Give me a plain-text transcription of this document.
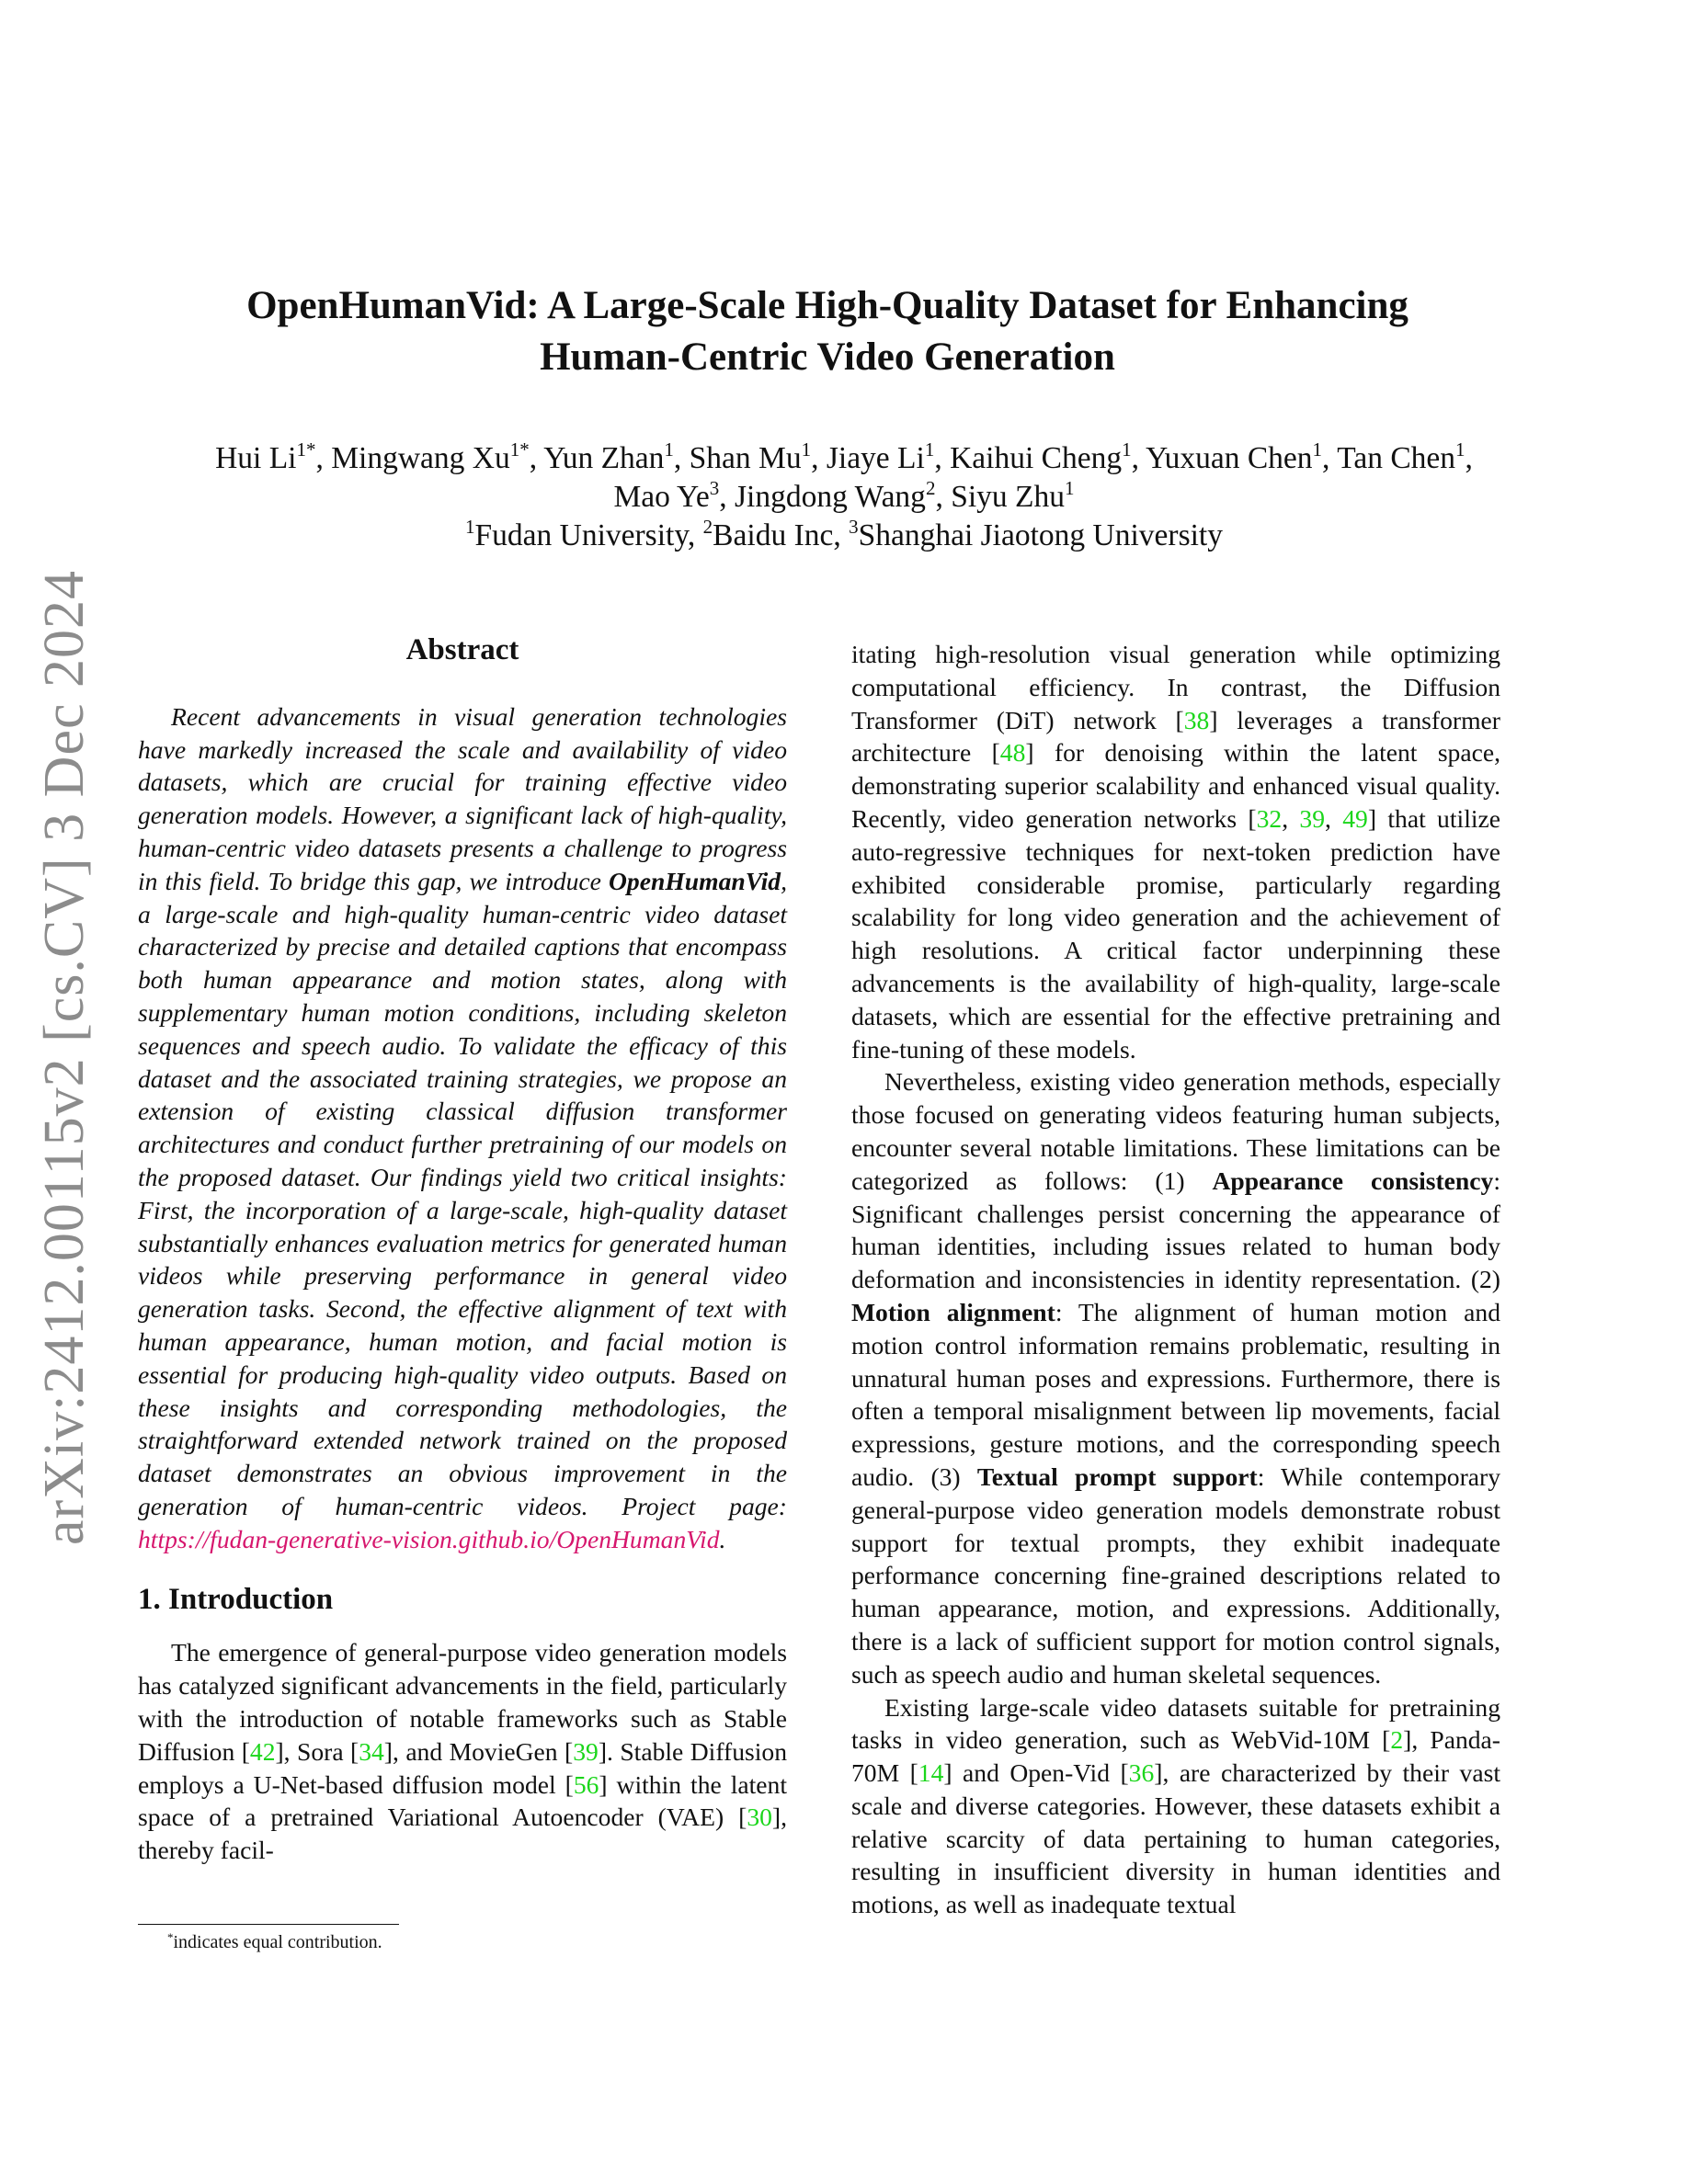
arXiv:2412.00115v2 [cs.CV] 3 Dec 2024
OpenHumanVid: A Large-Scale High-Quality Dataset for Enhancing
Human-Centric Video Generation
Hui $Li^{1*}$, Mingwang $Xu^{1*}$, Yun Zhan$^1$, Shan Mu$^1$, Jiaye Li$^1$, Kaihui Cheng$^1$, Yuxuan Chen$^1$, Tan Chen$^1$,
Mao Ye$^3$, Jingdong Wang$^2$, Siyu Zhu$^1$
$^1$Fudan University, $^2$Baidu Inc, $^3$Shanghai Jiaotong University
Abstract

Recent advancements in visual generation technologies have markedly increased the scale and availability of video datasets, which are crucial for training effective video generation models. However, a significant lack of high-quality, human-centric video datasets presents a challenge to progress in this field. To bridge this gap, we introduce OpenHumanVid, a large-scale and high-quality human-centric video dataset characterized by precise and detailed captions that encompass both human appearance and motion states, along with supplementary human motion conditions, including skeleton sequences and speech audio. To validate the efficacy of this dataset and the associated training strategies, we propose an extension of existing classical diffusion transformer architectures and conduct further pretraining of our models on the proposed dataset. Our findings yield two critical insights: First, the incorporation of a large-scale, high-quality dataset substantially enhances evaluation metrics for generated human videos while preserving performance in general video generation tasks. Second, the effective alignment of text with human appearance, human motion, and facial motion is essential for producing high-quality video outputs. Based on these insights and corresponding methodologies, the straightforward extended network trained on the proposed dataset demonstrates an obvious improvement in the generation of human-centric videos. Project page: https://fudan-generative-vision.github.io/OpenHumanVid.

1. Introduction

The emergence of general-purpose video generation models has catalyzed significant advancements in the field, particularly with the introduction of notable frameworks such as Stable Diffusion [42], Sora [34], and MovieGen [39]. Stable Diffusion employs a U-Net-based diffusion model [56] within the latent space of a pretrained Variational Autoencoder (VAE) [30], thereby facil-

itating high-resolution visual generation while optimizing computational efficiency. In contrast, the Diffusion Transformer (DiT) network [38] leverages a transformer architecture [48] for denoising within the latent space, demonstrating superior scalability and enhanced visual quality. Recently, video generation networks [32, 39, 49] that utilize auto-regressive techniques for next-token prediction have exhibited considerable promise, particularly regarding scalability for long video generation and the achievement of high resolutions. A critical factor underpinning these advancements is the availability of high-quality, large-scale datasets, which are essential for the effective pretraining and fine-tuning of these models.

Nevertheless, existing video generation methods, especially those focused on generating videos featuring human subjects, encounter several notable limitations. These limitations can be categorized as follows: (1) Appearance consistency: Significant challenges persist concerning the appearance of human identities, including issues related to human body deformation and inconsistencies in identity representation. (2) Motion alignment: The alignment of human motion and motion control information remains problematic, resulting in unnatural human poses and expressions. Furthermore, there is often a temporal misalignment between lip movements, facial expressions, gesture motions, and the corresponding speech audio. (3) Textual prompt support: While contemporary general-purpose video generation models demonstrate robust support for textual prompts, they exhibit inadequate performance concerning fine-grained descriptions related to human appearance, motion, and expressions. Additionally, there is a lack of sufficient support for motion control signals, such as speech audio and human skeletal sequences.

Existing large-scale video datasets suitable for pretraining tasks in video generation, such as WebVid-10M [2], Panda-70M [14] and Open-Vid [36], are characterized by their vast scale and diverse categories. However, these datasets exhibit a relative scarcity of data pertaining to human categories, resulting in insufficient diversity in human identities and motions, as well as inadequate textual

*indicates equal contribution.
